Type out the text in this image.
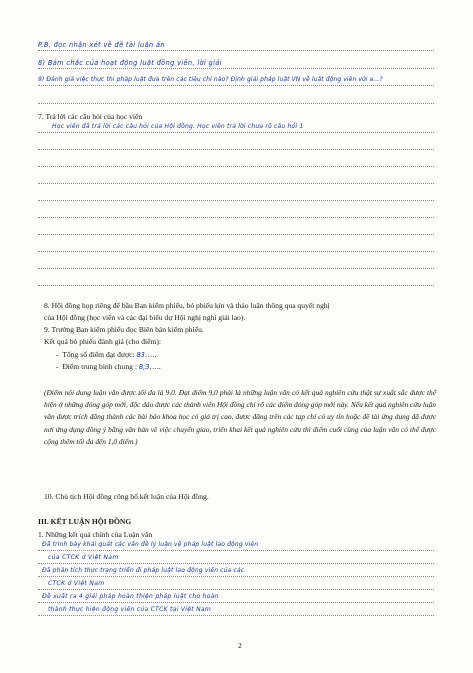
P.B. đọc nhận xét về đề tài luận án
8) Bám chắc của hoạt động luật đồng viên, lời giải
9) Đánh giá việc thực thi pháp luật đưa trên các tiêu chí nào? Định giải pháp luật VN về luật động viên với a...?
7. Trả lời các câu hỏi của học viên
Học viên đã trả lời các câu hỏi của Hội đồng. Học viên trả lời chưa rõ câu hỏi 1
8. Hội đồng họp riêng để bầu Ban kiểm phiếu, bỏ phiếu kín và thảo luận thông qua quyết nghị
của Hội đồng (học viên và các đại biểu dự Hội nghị nghỉ giải lao).
9. Trưởng Ban kiểm phiếu đọc Biên bản kiểm phiếu.
Kết quả bỏ phiếu đánh giá (cho điểm):
-  Tổng số điểm đạt được: 83…..
-  Điểm trung bình chung : 8,3…..
(Điểm nội dung luận văn được tối đa là 9,0. Đạt điểm 9,0 phải là những luận văn có kết quả nghiên cứu thật sự xuất sắc được thể hiện ở những đóng góp mới, độc đáo được các thành viên Hội đồng chỉ rõ các điểm đóng góp mới này. Nếu kết quả nghiên cứu luận văn được trích đăng thành các bài báo khoa học có giá trị cao, được đăng trên các tạp chí có uy tín hoặc đề tài ứng dụng đã được nơi ứng dụng đồng ý bằng văn bản về việc chuyển giao, triển khai kết quả nghiên cứu thì điểm cuối cùng của luận văn có thể được cộng thêm tối đa đến 1,0 điểm.)
10. Chủ tịch Hội đồng công bố kết luận của Hội đồng.
III. KẾT LUẬN HỘI ĐỒNG
1. Những kết quả chính của Luận văn
Đã trình bày khái quát các vấn đề lý luận về pháp luật lao động viên
của CTCK ở Việt Nam
Đã phân tích thực trạng triển đi pháp luật lao động viên của các
CTCK ở Việt Nam
Đề xuất ra 4 giải pháp hoàn thiện pháp luật cho hoàn
thành thực hiện động viên của CTCK tại Việt Nam
2
